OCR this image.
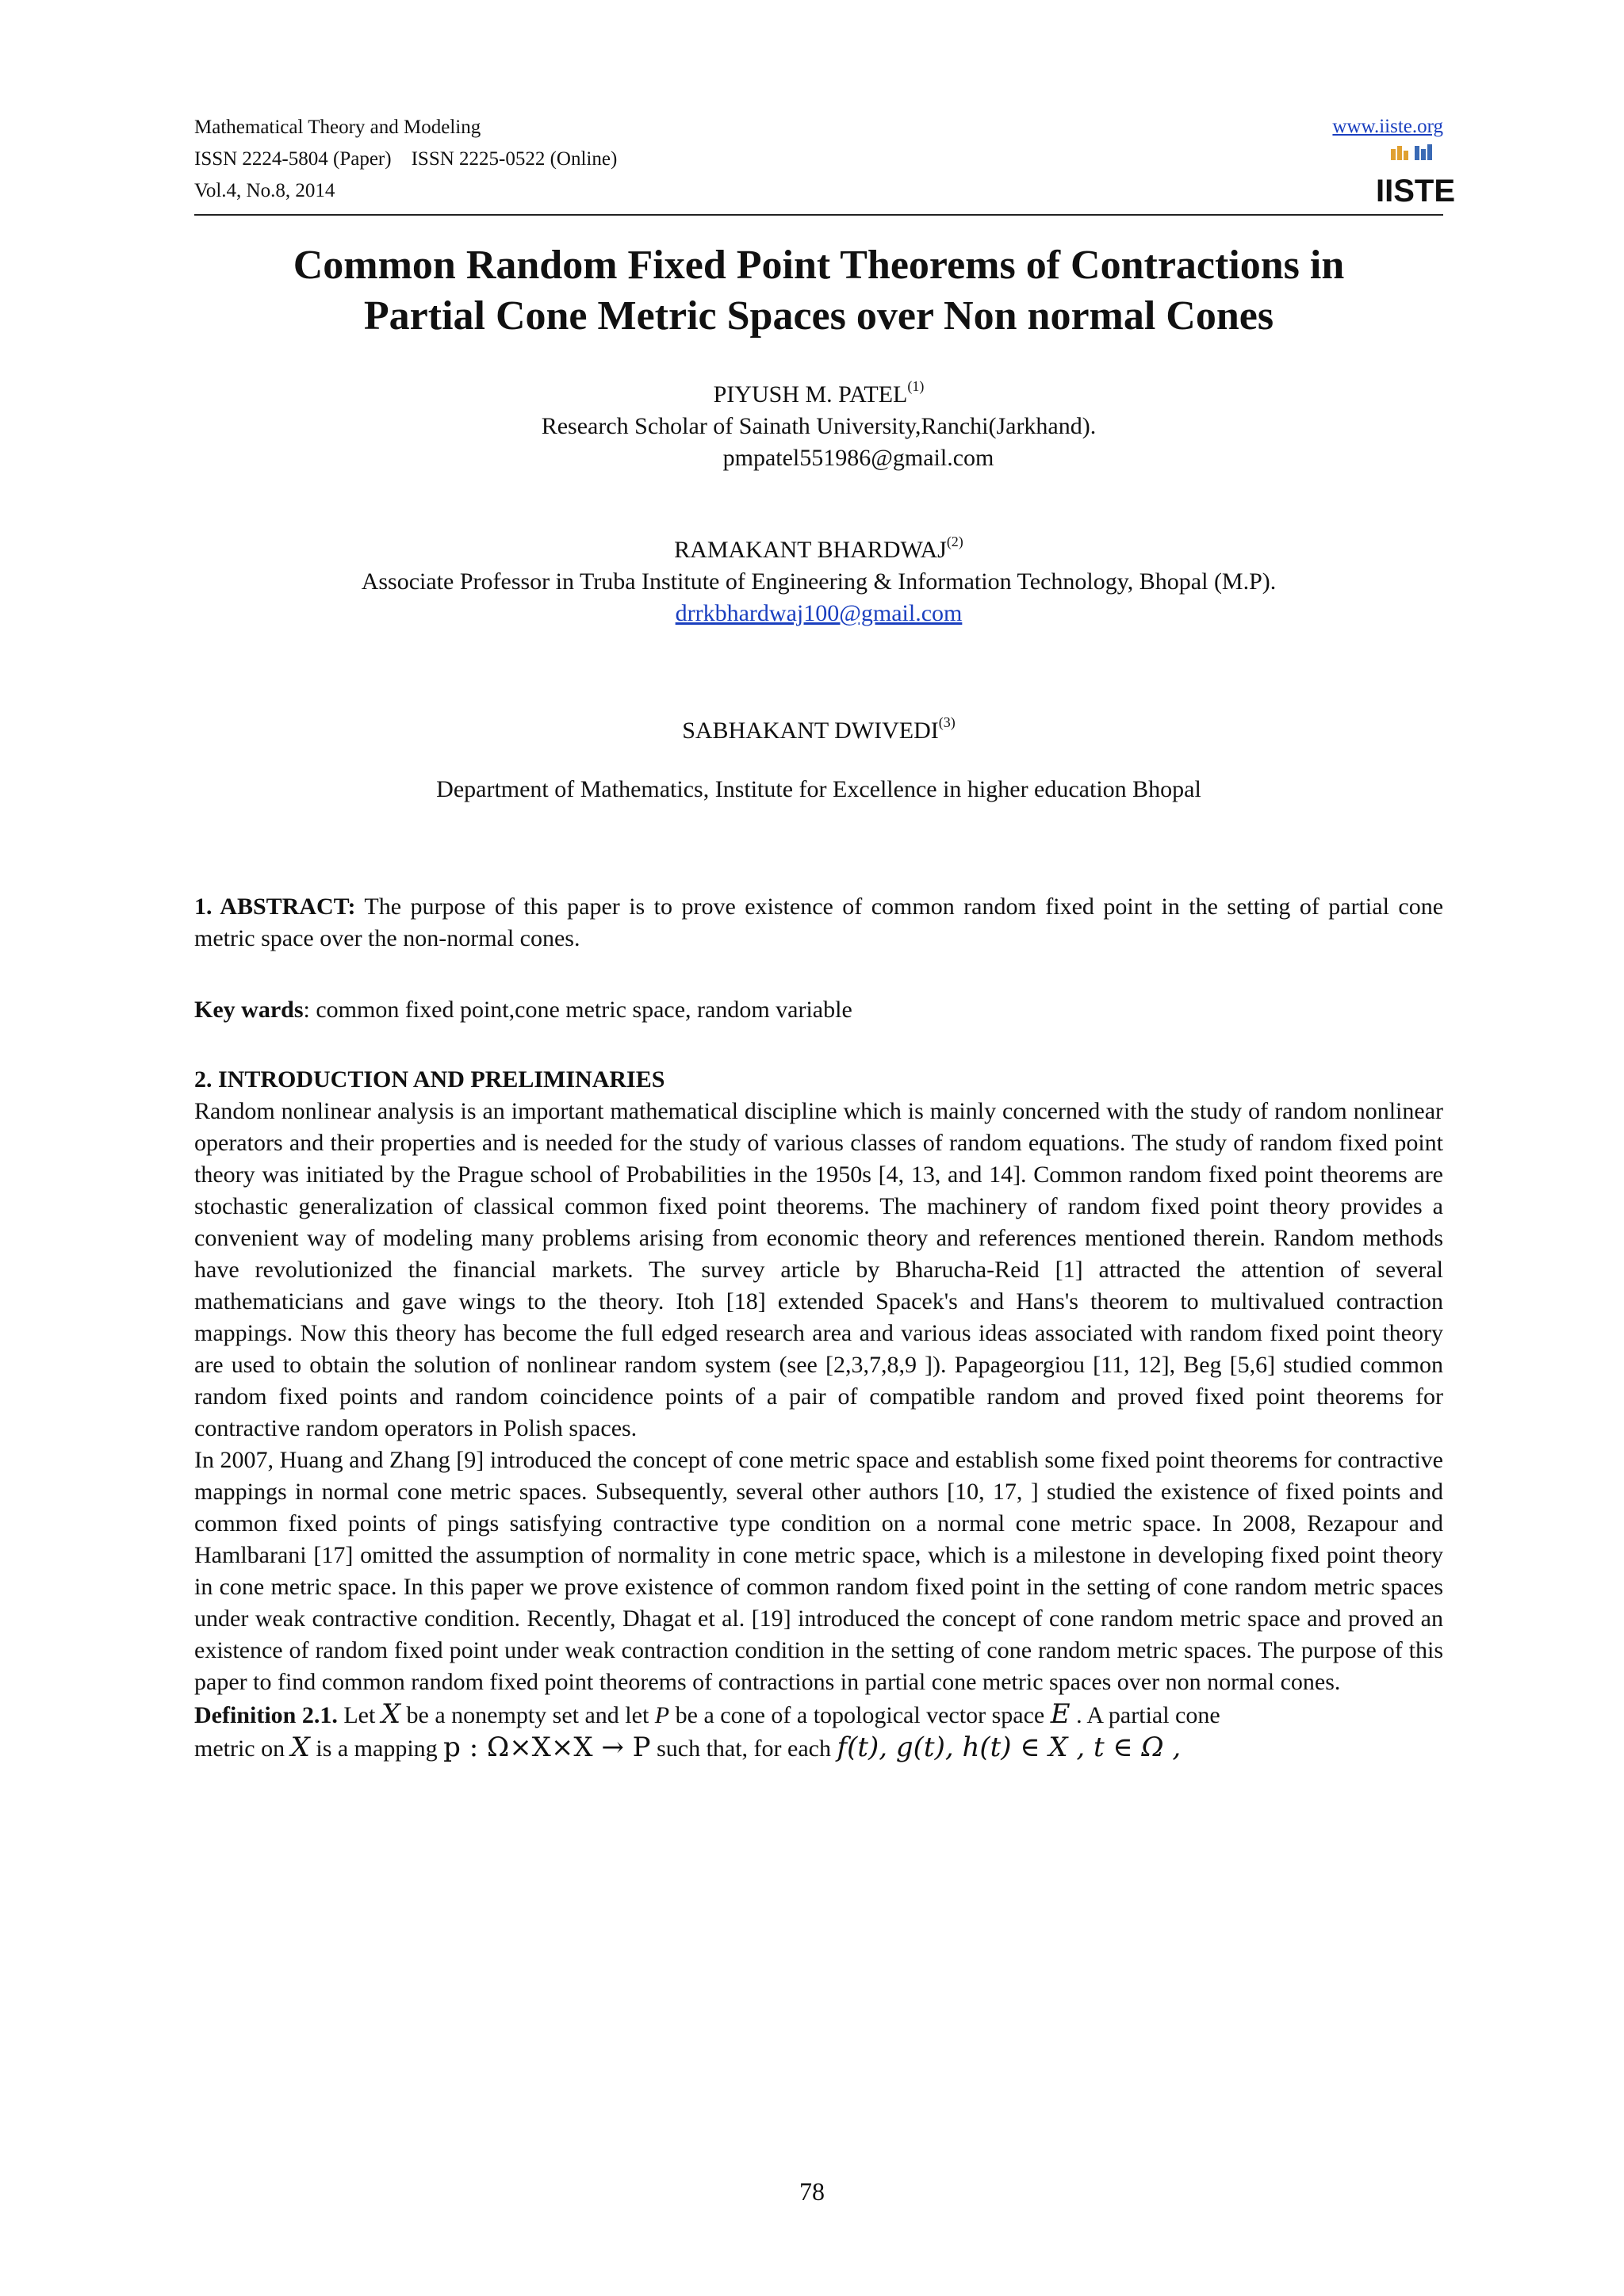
Mathematical Theory and Modeling
ISSN 2224-5804 (Paper)    ISSN 2225-0522 (Online)
Vol.4, No.8, 2014
www.iiste.org
IISTE
Common Random Fixed Point Theorems of Contractions in
Partial Cone Metric Spaces over Non normal Cones
PIYUSH M. PATEL$^{(1)}$
Research Scholar of Sainath University,Ranchi(Jarkhand).
pmpatel551986@gmail.com
RAMAKANT BHARDWAJ$^{(2)}$
Associate Professor in Truba Institute of Engineering & Information Technology, Bhopal (M.P).
drrkbhardwaj100@gmail.com
SABHAKANT DWIVEDI$^{(3)}$
Department of Mathematics, Institute for Excellence in higher education Bhopal

1. ABSTRACT: The purpose of this paper is to prove existence of common random fixed point in the setting of partial cone metric space over the non-normal cones.

Key wards: common fixed point,cone metric space, random variable

2. INTRODUCTION AND PRELIMINARIES

Random nonlinear analysis is an important mathematical discipline which is mainly concerned with the study of random nonlinear operators and their properties and is needed for the study of various classes of random equations. The study of random fixed point theory was initiated by the Prague school of Probabilities in the 1950s [4, 13, and 14]. Common random fixed point theorems are stochastic generalization of classical common fixed point theorems. The machinery of random fixed point theory provides a convenient way of modeling many problems arising from economic theory and references mentioned therein. Random methods have revolutionized the financial markets. The survey article by Bharucha-Reid [1] attracted the attention of several mathematicians and gave wings to the theory. Itoh [18] extended Spacek's and Hans's theorem to multivalued contraction mappings. Now this theory has become the full edged research area and various ideas associated with random fixed point theory are used to obtain the solution of nonlinear random system (see [2,3,7,8,9 ]). Papageorgiou [11, 12], Beg [5,6] studied common random fixed points and random coincidence points of a pair of compatible random and proved fixed point theorems for contractive random operators in Polish spaces.

In 2007, Huang and Zhang [9] introduced the concept of cone metric space and establish some fixed point theorems for contractive mappings in normal cone metric spaces. Subsequently, several other authors [10, 17, ] studied the existence of fixed points and common fixed points of pings satisfying contractive type condition on a normal cone metric space. In 2008, Rezapour and Hamlbarani [17] omitted the assumption of normality in cone metric space, which is a milestone in developing fixed point theory in cone metric space. In this paper we prove existence of common random fixed point in the setting of cone random metric spaces under weak contractive condition. Recently, Dhagat et al. [19] introduced the concept of cone random metric space and proved an existence of random fixed point under weak contraction condition in the setting of cone random metric spaces. The purpose of this paper to find common random fixed point theorems of contractions in partial cone metric spaces over non normal cones.

Definition 2.1. Let X be a nonempty set and let P be a cone of a topological vector space E . A partial cone
metric on X is a mapping p : Ω×X×X → P such that, for each f(t), g(t), h(t) ∈ X , t ∈ Ω ,

78
